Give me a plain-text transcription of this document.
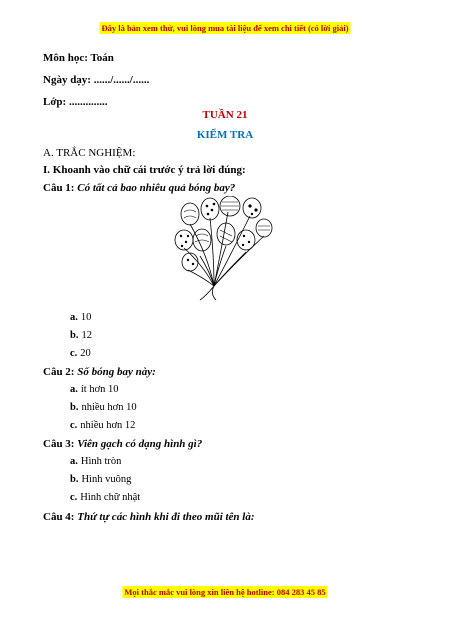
Đây là bản xem thử, vui lòng mua tài liệu để xem chi tiết (có lời giải)
Môn học: Toán
Ngày dạy: ....../....../......
Lớp: ..............
TUẦN 21
KIỂM TRA
A. TRẮC NGHIỆM:
I. Khoanh vào chữ cái trước ý trả lời đúng:
Câu 1: Có tất cả bao nhiêu quả bóng bay?
a. 10
b. 12
c. 20
Câu 2: Số bóng bay này:
a. ít hơn 10
b. nhiều hơn 10
c. nhiều hơn 12
Câu 3: Viên gạch có dạng hình gì?
a. Hình tròn
b. Hình vuông
c. Hình chữ nhật
Câu 4: Thứ tự các hình khi đi theo mũi tên là:
Mọi thắc mắc vui lòng xin liên hệ hotline: 084 283 45 85
